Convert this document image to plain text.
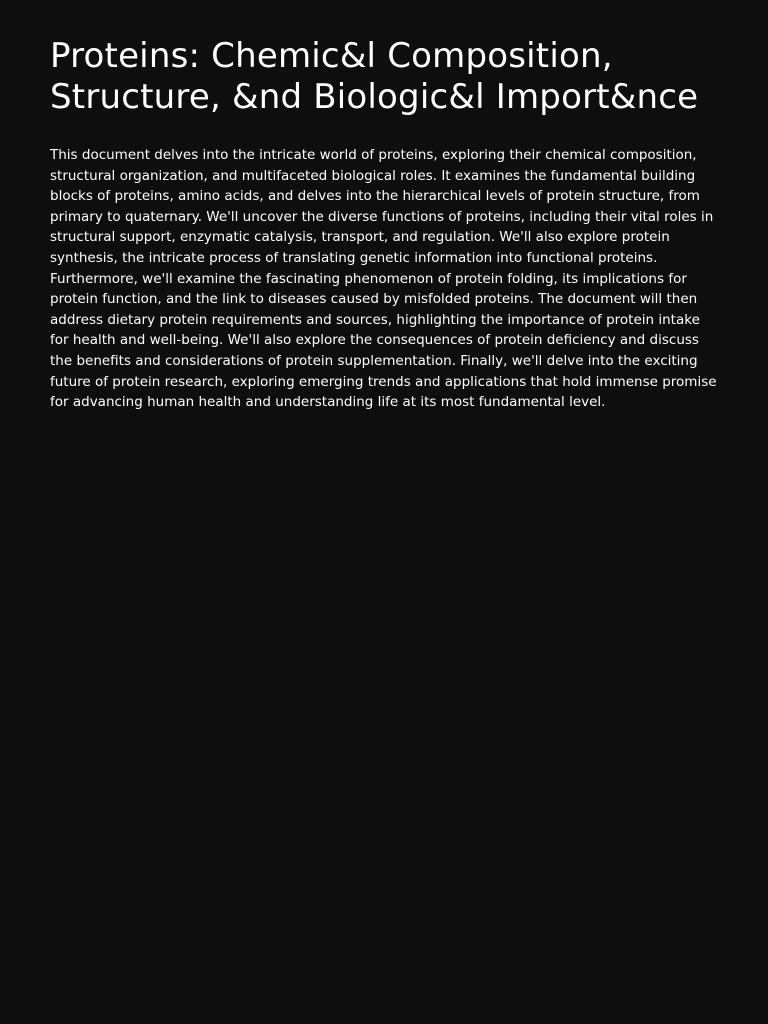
Proteins: Chemic&l Composition, Structure, &nd Biologic&l Import&nce

This document delves into the intricate world of proteins, exploring their chemical composition, structural organization, and multifaceted biological roles. It examines the fundamental building blocks of proteins, amino acids, and delves into the hierarchical levels of protein structure, from primary to quaternary. We'll uncover the diverse functions of proteins, including their vital roles in structural support, enzymatic catalysis, transport, and regulation. We'll also explore protein synthesis, the intricate process of translating genetic information into functional proteins. Furthermore, we'll examine the fascinating phenomenon of protein folding, its implications for protein function, and the link to diseases caused by misfolded proteins. The document will then address dietary protein requirements and sources, highlighting the importance of protein intake for health and well-being. We'll also explore the consequences of protein deficiency and discuss the benefits and considerations of protein supplementation. Finally, we'll delve into the exciting future of protein research, exploring emerging trends and applications that hold immense promise for advancing human health and understanding life at its most fundamental level.
